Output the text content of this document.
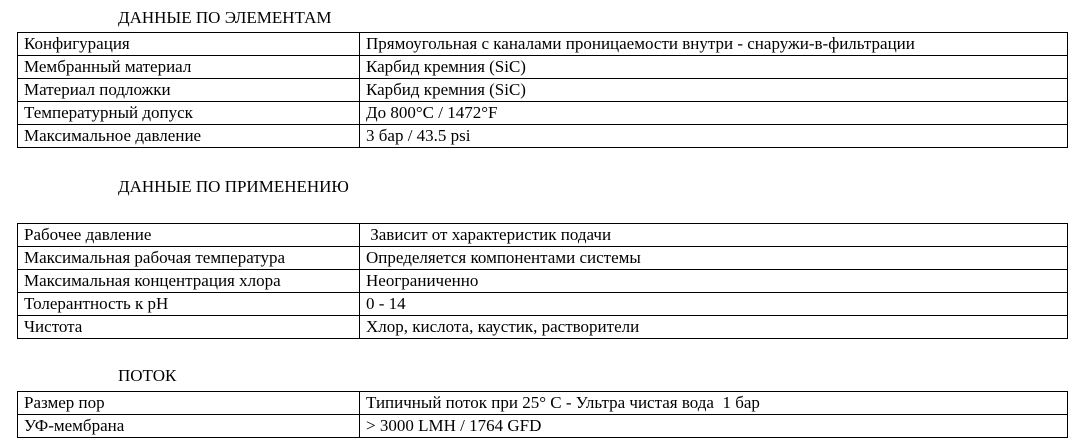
ДАННЫЕ ПО ЭЛЕМЕНТАМ
Конфигурация	Прямоугольная с каналами проницаемости внутри - снаружи-в-фильтрации
Мембранный материал	Карбид кремния (SiC)
Материал подложки	Карбид кремния (SiC)
Температурный допуск	До 800°C / 1472°F
Максимальное давление	3 бар / 43.5 psi
ДАННЫЕ ПО ПРИМЕНЕНИЮ
Рабочее давление	Зависит от характеристик подачи
Максимальная рабочая температура	Определяется компонентами системы
Максимальная концентрация хлора	Неограниченно
Толерантность к pH	0 - 14
Чистота	Хлор, кислота, каустик, растворители
ПОТОК
Размер пор	Типичный поток при 25° C - Ультра чистая вода  1 бар
УФ-мембрана	> 3000 LMH / 1764 GFD
